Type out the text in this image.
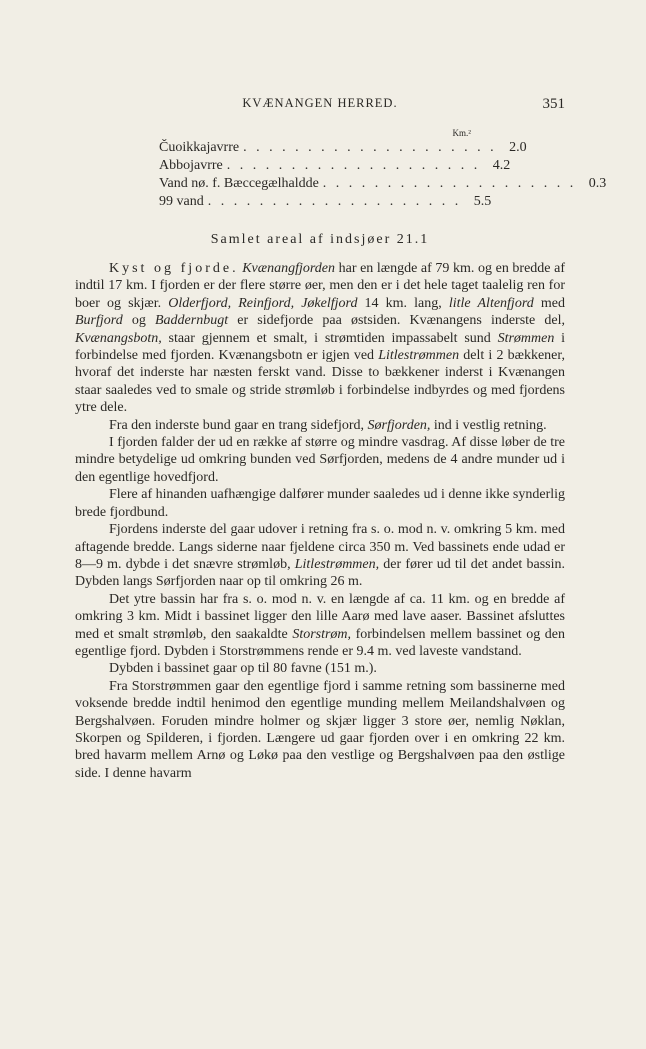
KVÆNANGEN HERRED.	351
Km.²
Čuoikkajavrre . . . . . . . . . . . . . . . . . . . . 2.0
Abbojavrre . . . . . . . . . . . . . . . . . . . . 4.2
Vand nø. f. Bæccegælhaldde . . . . . . . . . . . . . . . . . . . . 0.3
99 vand . . . . . . . . . . . . . . . . . . . . 5.5
Samlet areal af indsjøer 21.1

Kyst og fjorde. Kvænangfjorden har en længde af 79 km. og en bredde af indtil 17 km. I fjorden er der flere større øer, men den er i det hele taget taalelig ren for boer og skjær. Olderfjord, Reinfjord, Jøkelfjord 14 km. lang, litle Altenfjord med Burfjord og Baddernbugt er sidefjorde paa østsiden. Kvænangens inderste del, Kvænangsbotn, staar gjennem et smalt, i strømtiden impassabelt sund Strømmen i forbindelse med fjorden. Kvænangsbotn er igjen ved Litlestrømmen delt i 2 bækkener, hvoraf det inderste har næsten ferskt vand. Disse to bækkener inderst i Kvænangen staar saaledes ved to smale og stride strømløb i forbindelse indbyrdes og med fjordens ytre dele.

Fra den inderste bund gaar en trang sidefjord, Sørfjorden, ind i vestlig retning.

I fjorden falder der ud en række af større og mindre vasdrag. Af disse løber de tre mindre betydelige ud omkring bunden ved Sørfjorden, medens de 4 andre munder ud i den egentlige hovedfjord.

Flere af hinanden uafhængige dalfører munder saaledes ud i denne ikke synderlig brede fjordbund.

Fjordens inderste del gaar udover i retning fra s. o. mod n. v. omkring 5 km. med aftagende bredde. Langs siderne naar fjeldene circa 350 m. Ved bassinets ende udad er 8—9 m. dybde i det snævre strømløb, Litlestrømmen, der fører ud til det andet bassin. Dybden langs Sørfjorden naar op til omkring 26 m.

Det ytre bassin har fra s. o. mod n. v. en længde af ca. 11 km. og en bredde af omkring 3 km. Midt i bassinet ligger den lille Aarø med lave aaser. Bassinet afsluttes med et smalt strømløb, den saakaldte Storstrøm, forbindelsen mellem bassinet og den egentlige fjord. Dybden i Storstrømmens rende er 9.4 m. ved laveste vandstand.

Dybden i bassinet gaar op til 80 favne (151 m.).

Fra Storstrømmen gaar den egentlige fjord i samme retning som bassinerne med voksende bredde indtil henimod den egentlige munding mellem Meilandshalvøen og Bergshalvøen. Foruden mindre holmer og skjær ligger 3 store øer, nemlig Nøklan, Skorpen og Spilderen, i fjorden. Længere ud gaar fjorden over i en omkring 22 km. bred havarm mellem Arnø og Løkø paa den vestlige og Bergshalvøen paa den østlige side. I denne havarm
